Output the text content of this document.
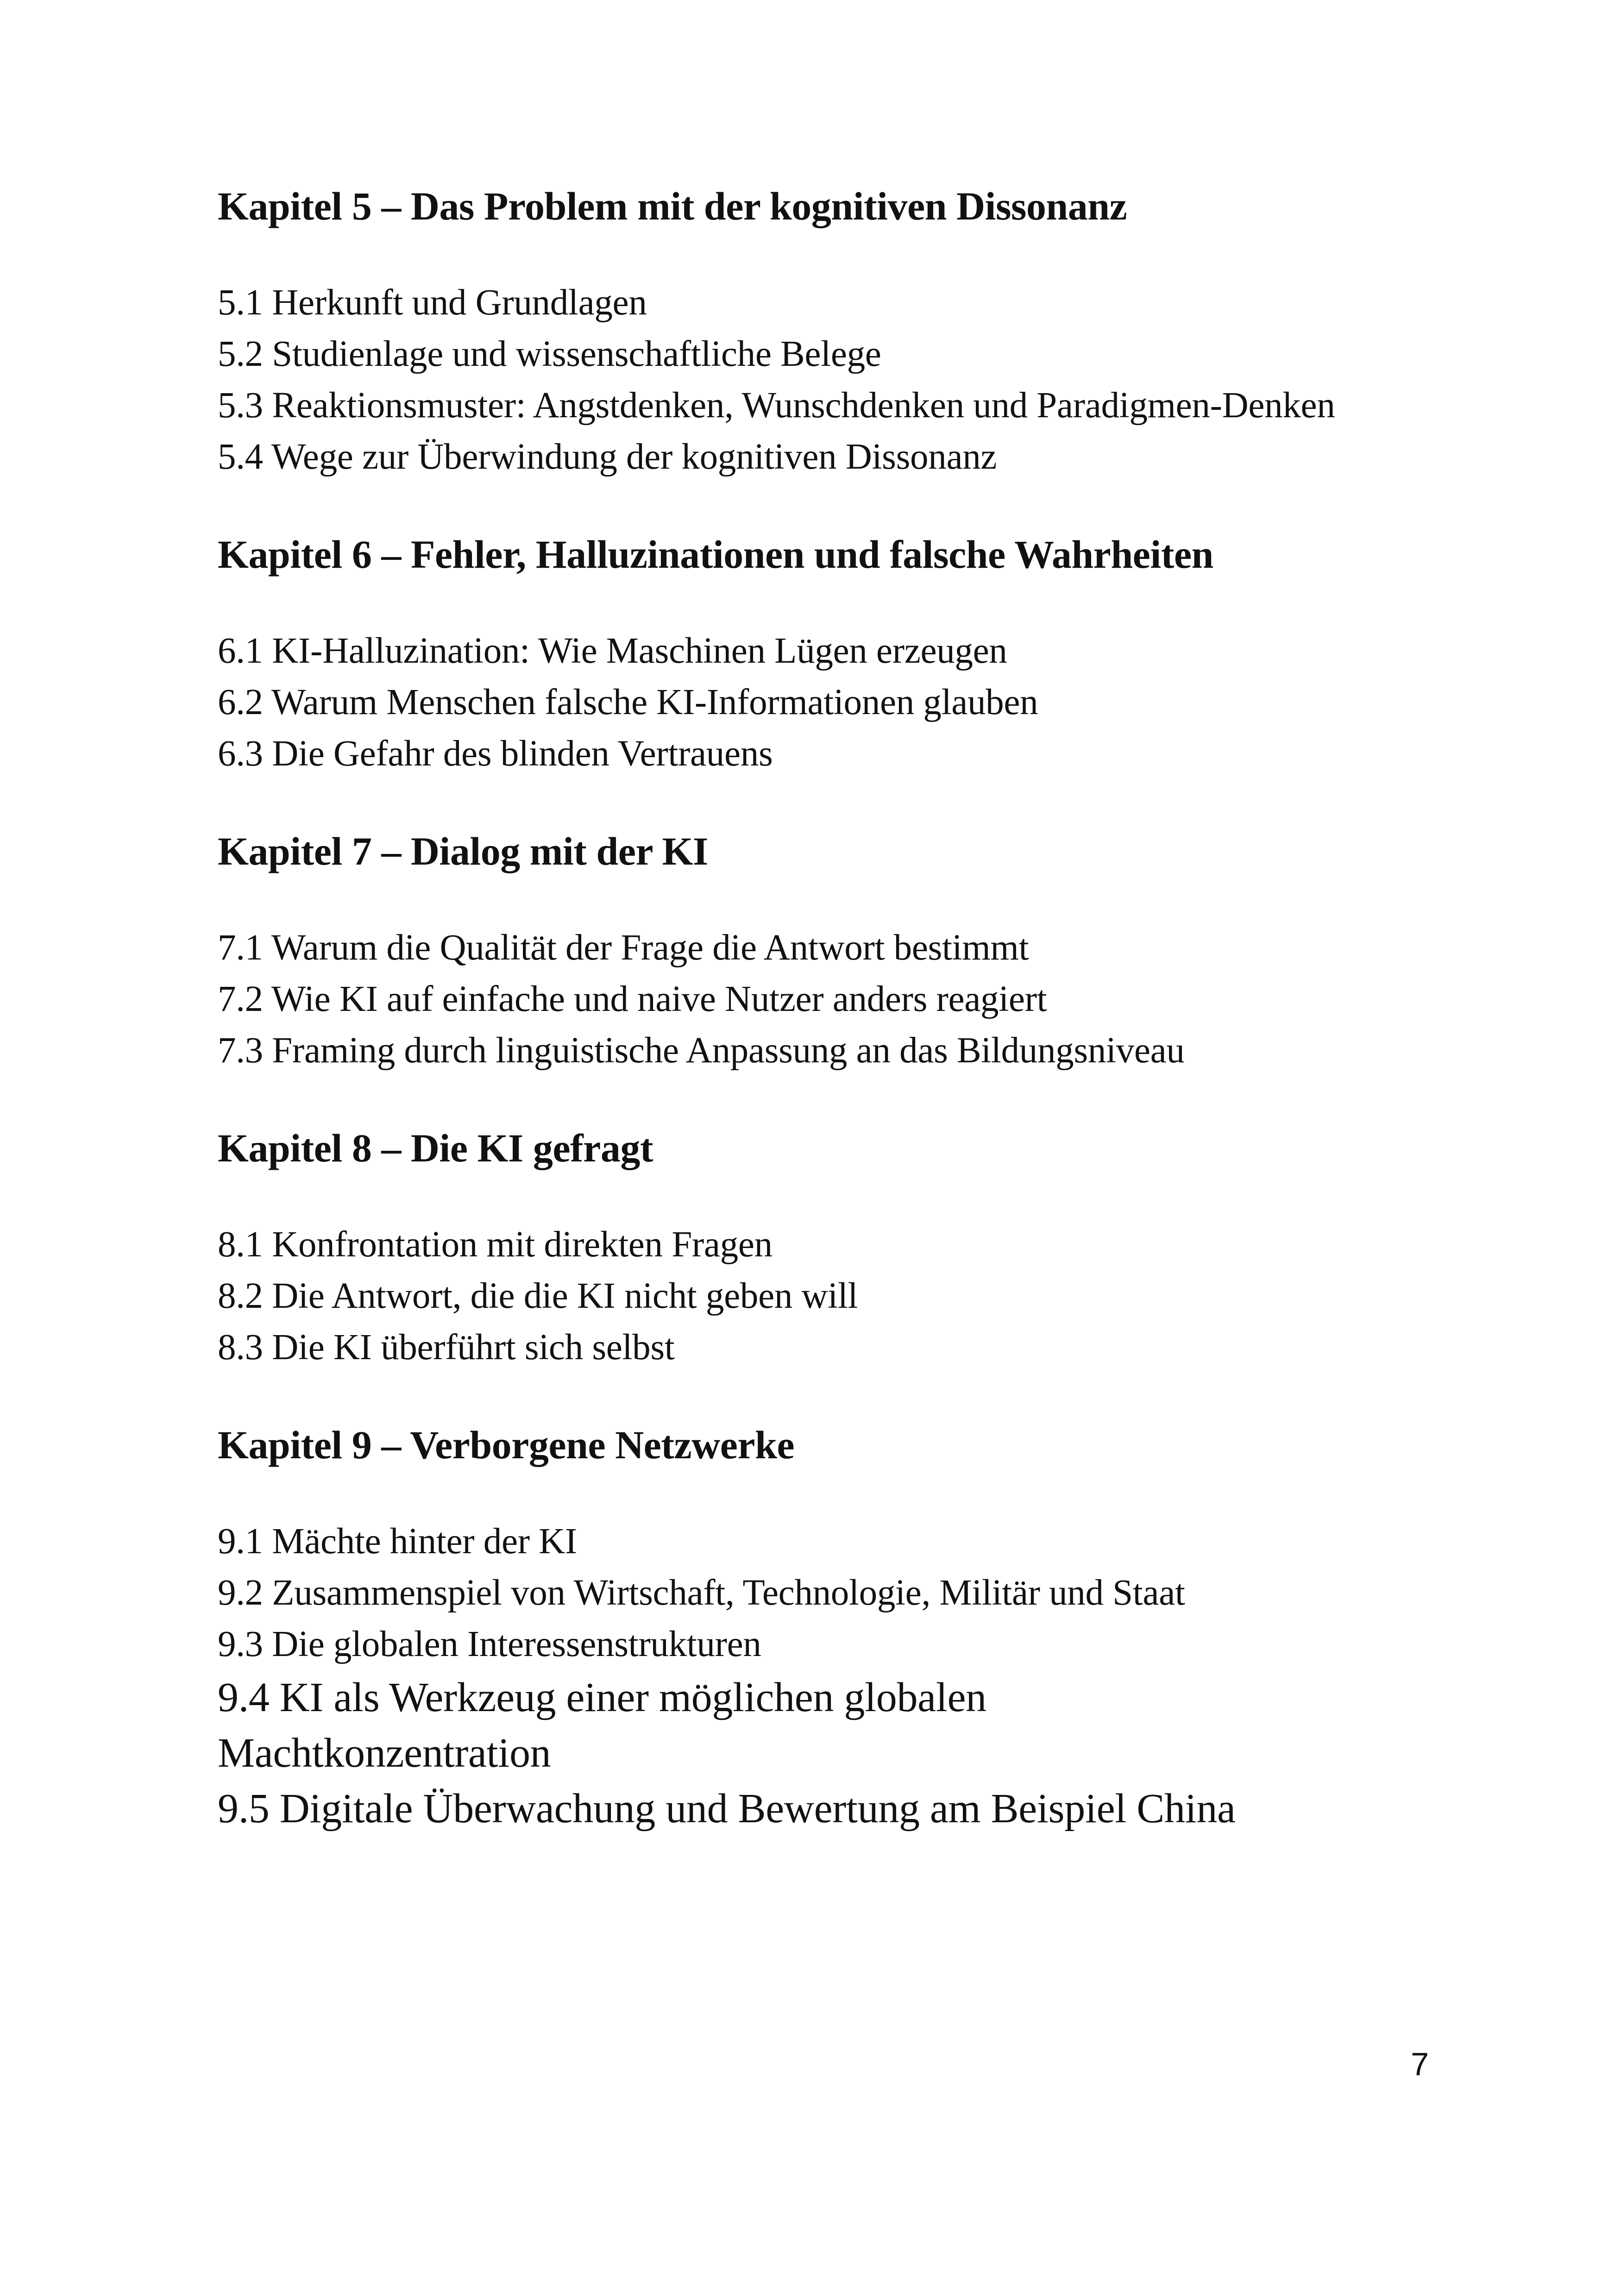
Kapitel 5 – Das Problem mit der kognitiven Dissonanz
5.1 Herkunft und Grundlagen
5.2 Studienlage und wissenschaftliche Belege
5.3 Reaktionsmuster: Angstdenken, Wunschdenken und Paradigmen-Denken
5.4 Wege zur Überwindung der kognitiven Dissonanz
Kapitel 6 – Fehler, Halluzinationen und falsche Wahrheiten
6.1 KI-Halluzination: Wie Maschinen Lügen erzeugen
6.2 Warum Menschen falsche KI-Informationen glauben
6.3 Die Gefahr des blinden Vertrauens
Kapitel 7 – Dialog mit der KI
7.1 Warum die Qualität der Frage die Antwort bestimmt
7.2 Wie KI auf einfache und naive Nutzer anders reagiert
7.3 Framing durch linguistische Anpassung an das Bildungsniveau
Kapitel 8 – Die KI gefragt
8.1 Konfrontation mit direkten Fragen
8.2 Die Antwort, die die KI nicht geben will
8.3 Die KI überführt sich selbst
Kapitel 9 – Verborgene Netzwerke
9.1 Mächte hinter der KI
9.2 Zusammenspiel von Wirtschaft, Technologie, Militär und Staat
9.3 Die globalen Interessenstrukturen
9.4 KI als Werkzeug einer möglichen globalen Machtkonzentration
9.5 Digitale Überwachung und Bewertung am Beispiel China
7
